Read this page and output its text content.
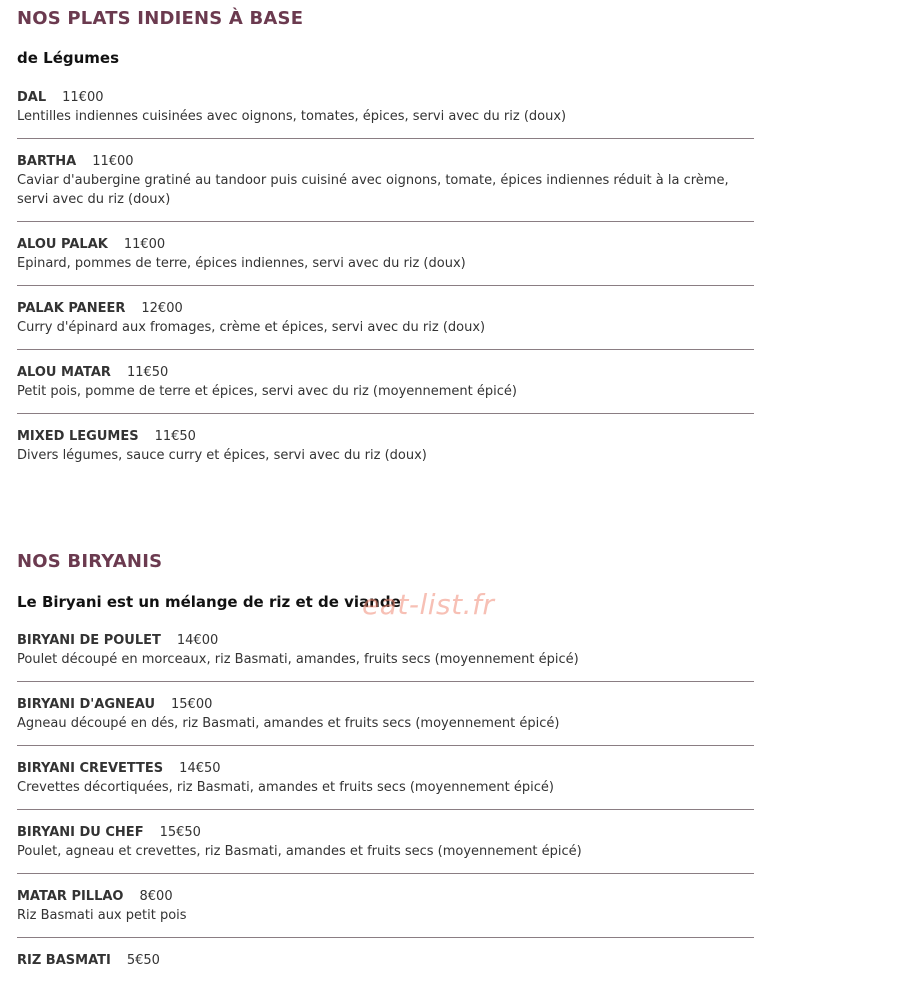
NOS PLATS INDIENS À BASE
de Légumes
DAL 11€00
Lentilles indiennes cuisinées avec oignons, tomates, épices, servi avec du riz (doux)
BARTHA 11€00
Caviar d'aubergine gratiné au tandoor puis cuisiné avec oignons, tomate, épices indiennes réduit à la crème, servi avec du riz (doux)
ALOU PALAK 11€00
Epinard, pommes de terre, épices indiennes, servi avec du riz (doux)
PALAK PANEER 12€00
Curry d'épinard aux fromages, crème et épices, servi avec du riz (doux)
ALOU MATAR 11€50
Petit pois, pomme de terre et épices, servi avec du riz (moyennement épicé)
MIXED LEGUMES 11€50
Divers légumes, sauce curry et épices, servi avec du riz (doux)
NOS BIRYANIS
Le Biryani est un mélange de riz et de viande
BIRYANI DE POULET 14€00
Poulet découpé en morceaux, riz Basmati, amandes, fruits secs (moyennement épicé)
BIRYANI D'AGNEAU 15€00
Agneau découpé en dés, riz Basmati, amandes et fruits secs (moyennement épicé)
BIRYANI CREVETTES 14€50
Crevettes décortiquées, riz Basmati, amandes et fruits secs (moyennement épicé)
BIRYANI DU CHEF 15€50
Poulet, agneau et crevettes, riz Basmati, amandes et fruits secs (moyennement épicé)
MATAR PILLAO 8€00
Riz Basmati aux petit pois
RIZ BASMATI 5€50
eat-list.fr
